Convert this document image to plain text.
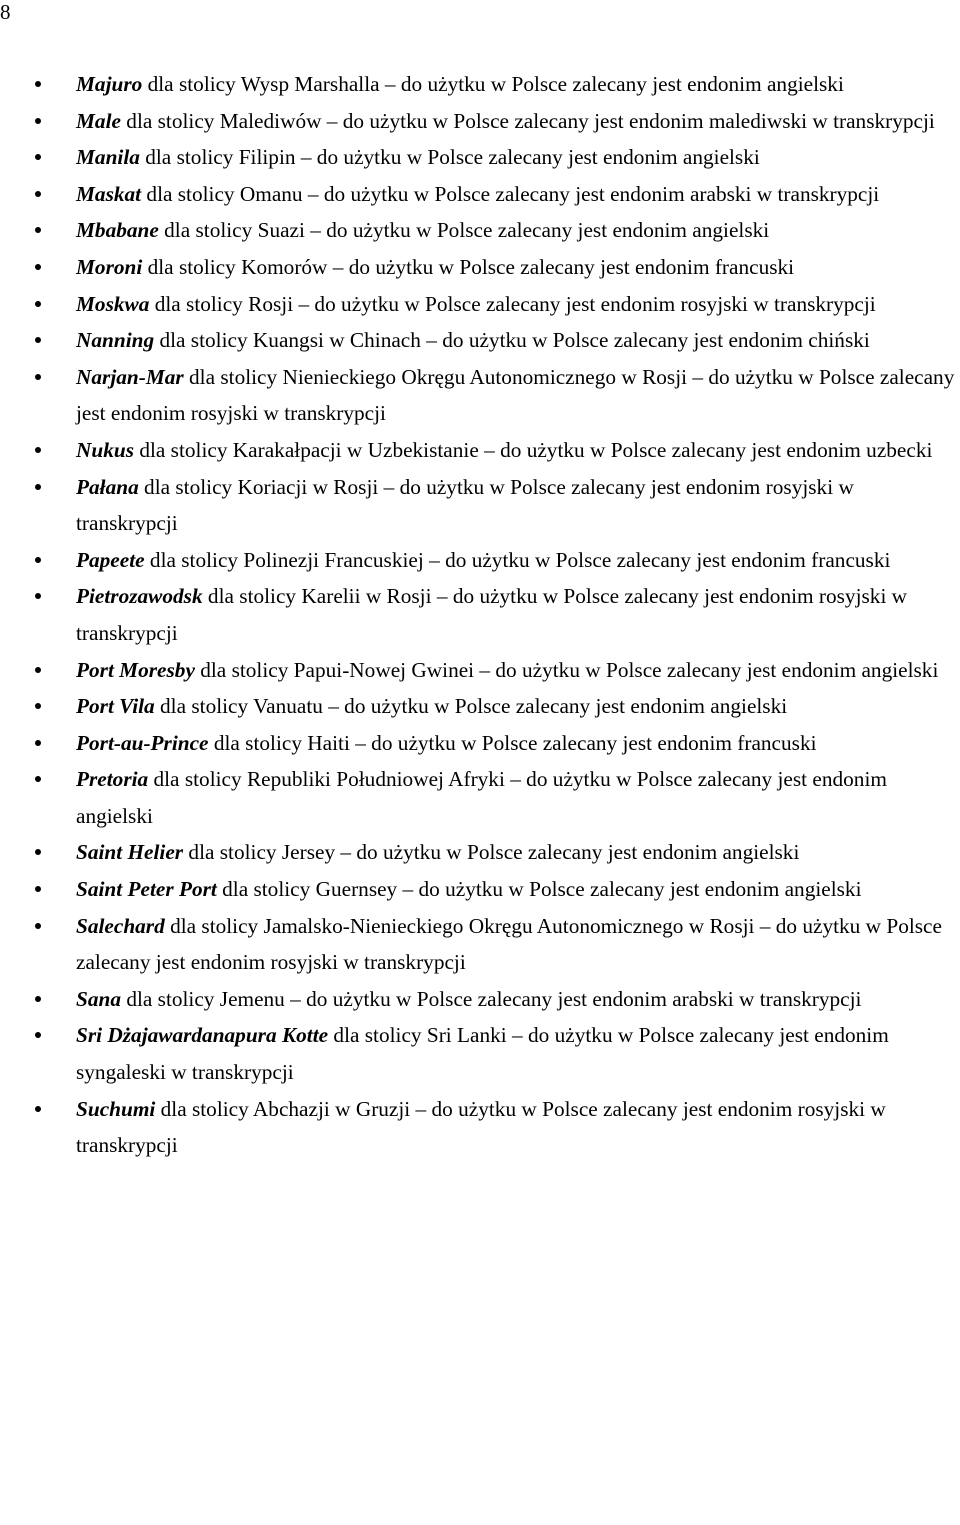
8
Majuro dla stolicy Wysp Marshalla – do użytku w Polsce zalecany jest endonim angielski
Male dla stolicy Malediwów – do użytku w Polsce zalecany jest endonim malediwski w transkrypcji
Manila dla stolicy Filipin – do użytku w Polsce zalecany jest endonim angielski
Maskat dla stolicy Omanu – do użytku w Polsce zalecany jest endonim arabski w transkrypcji
Mbabane dla stolicy Suazi – do użytku w Polsce zalecany jest endonim angielski
Moroni dla stolicy Komorów – do użytku w Polsce zalecany jest endonim francuski
Moskwa dla stolicy Rosji – do użytku w Polsce zalecany jest endonim rosyjski w transkrypcji
Nanning dla stolicy Kuangsi w Chinach – do użytku w Polsce zalecany jest endonim chiński
Narjan-Mar dla stolicy Nienieckiego Okręgu Autonomicznego w Rosji – do użytku w Polsce zalecany jest endonim rosyjski w transkrypcji
Nukus dla stolicy Karakałpacji w Uzbekistanie – do użytku w Polsce zalecany jest endonim uzbecki
Pałana dla stolicy Koriacji w Rosji – do użytku w Polsce zalecany jest endonim rosyjski w transkrypcji
Papeete dla stolicy Polinezji Francuskiej – do użytku w Polsce zalecany jest endonim francuski
Pietrozawodsk dla stolicy Karelii w Rosji – do użytku w Polsce zalecany jest endonim rosyjski w transkrypcji
Port Moresby dla stolicy Papui-Nowej Gwinei – do użytku w Polsce zalecany jest endonim angielski
Port Vila dla stolicy Vanuatu – do użytku w Polsce zalecany jest endonim angielski
Port-au-Prince dla stolicy Haiti – do użytku w Polsce zalecany jest endonim francuski
Pretoria dla stolicy Republiki Południowej Afryki – do użytku w Polsce zalecany jest endonim angielski
Saint Helier dla stolicy Jersey – do użytku w Polsce zalecany jest endonim angielski
Saint Peter Port dla stolicy Guernsey – do użytku w Polsce zalecany jest endonim angielski
Salechard dla stolicy Jamalsko-Nienieckiego Okręgu Autonomicznego w Rosji – do użytku w Polsce zalecany jest endonim rosyjski w transkrypcji
Sana dla stolicy Jemenu – do użytku w Polsce zalecany jest endonim arabski w transkrypcji
Sri Dżajawardanapura Kotte dla stolicy Sri Lanki – do użytku w Polsce zalecany jest endonim syngaleski w transkrypcji
Suchumi dla stolicy Abchazji w Gruzji – do użytku w Polsce zalecany jest endonim rosyjski w transkrypcji
